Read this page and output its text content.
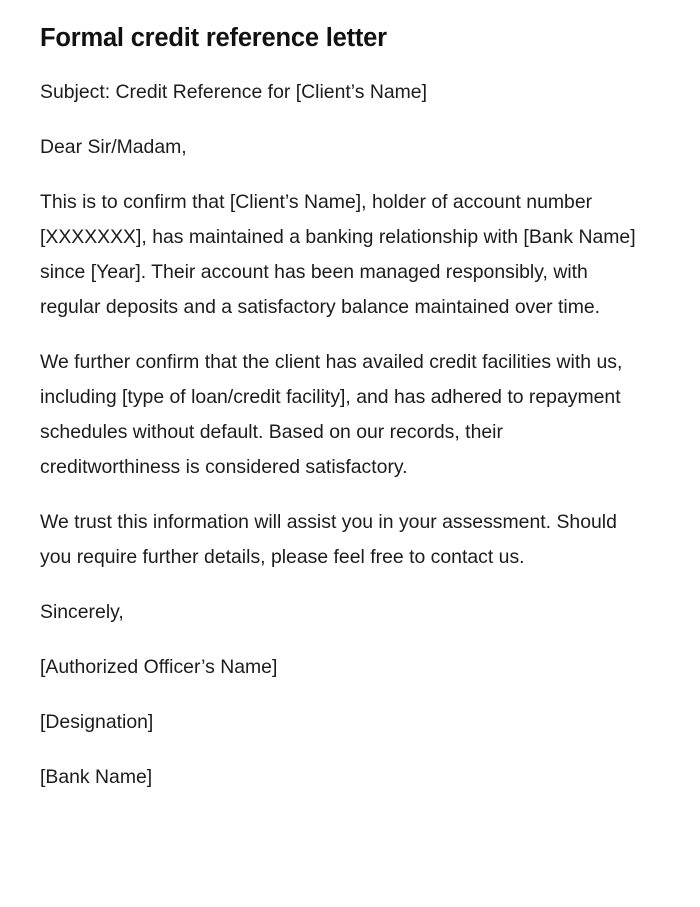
Formal credit reference letter

Subject: Credit Reference for [Client’s Name]

Dear Sir/Madam,

This is to confirm that [Client’s Name], holder of account number [XXXXXXX], has maintained a banking relationship with [Bank Name] since [Year]. Their account has been managed responsibly, with regular deposits and a satisfactory balance maintained over time.

We further confirm that the client has availed credit facilities with us, including [type of loan/credit facility], and has adhered to repayment schedules without default. Based on our records, their creditworthiness is considered satisfactory.

We trust this information will assist you in your assessment. Should you require further details, please feel free to contact us.

Sincerely,

[Authorized Officer’s Name]

[Designation]

[Bank Name]
